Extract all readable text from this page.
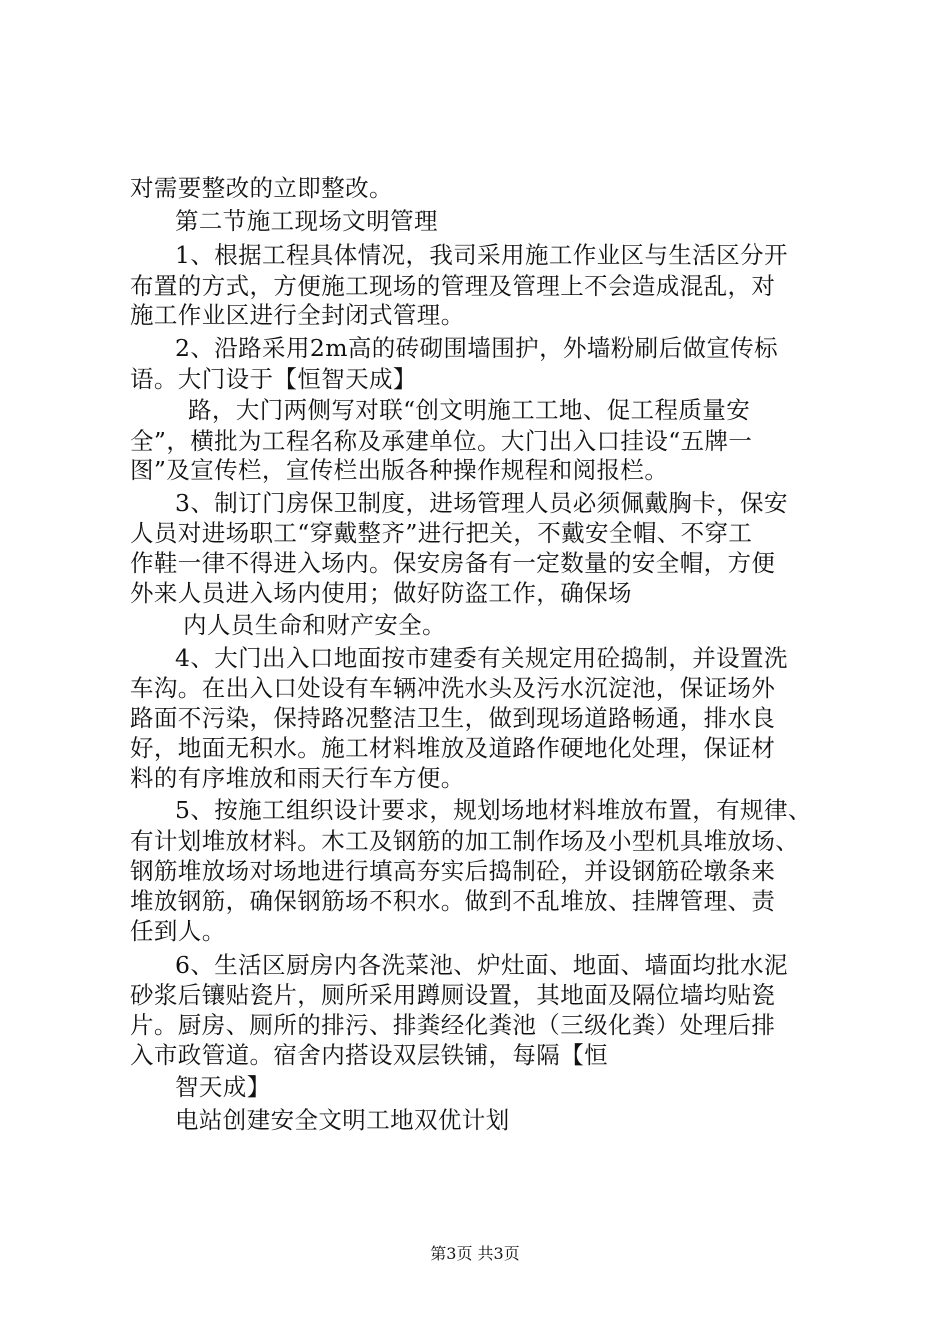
对需要整改的立即整改。
第二节施工现场文明管理
1、根据工程具体情况，我司采用施工作业区与生活区分开
布置的方式，方便施工现场的管理及管理上不会造成混乱，对
施工作业区进行全封闭式管理。
2、沿路采用2m高的砖砌围墙围护，外墙粉刷后做宣传标
语。大门设于【恒智天成】
路，大门两侧写对联“创文明施工工地、促工程质量安
全”，横批为工程名称及承建单位。大门出入口挂设“五牌一
图”及宣传栏，宣传栏出版各种操作规程和阅报栏。
3、制订门房保卫制度，进场管理人员必须佩戴胸卡，保安
人员对进场职工“穿戴整齐”进行把关，不戴安全帽、不穿工
作鞋一律不得进入场内。保安房备有一定数量的安全帽，方便
外来人员进入场内使用；做好防盗工作，确保场
内人员生命和财产安全。
4、大门出入口地面按市建委有关规定用砼捣制，并设置洗
车沟。在出入口处设有车辆冲洗水头及污水沉淀池，保证场外
路面不污染，保持路况整洁卫生，做到现场道路畅通，排水良
好，地面无积水。施工材料堆放及道路作硬地化处理，保证材
料的有序堆放和雨天行车方便。
5、按施工组织设计要求，规划场地材料堆放布置，有规律、
有计划堆放材料。木工及钢筋的加工制作场及小型机具堆放场、
钢筋堆放场对场地进行填高夯实后捣制砼，并设钢筋砼墩条来
堆放钢筋，确保钢筋场不积水。做到不乱堆放、挂牌管理、责
任到人。
6、生活区厨房内各洗菜池、炉灶面、地面、墙面均批水泥
砂浆后镶贴瓷片，厕所采用蹲厕设置，其地面及隔位墙均贴瓷
片。厨房、厕所的排污、排粪经化粪池（三级化粪）处理后排
入市政管道。宿舍内搭设双层铁铺，每隔【恒
智天成】
电站创建安全文明工地双优计划
第3页 共3页
